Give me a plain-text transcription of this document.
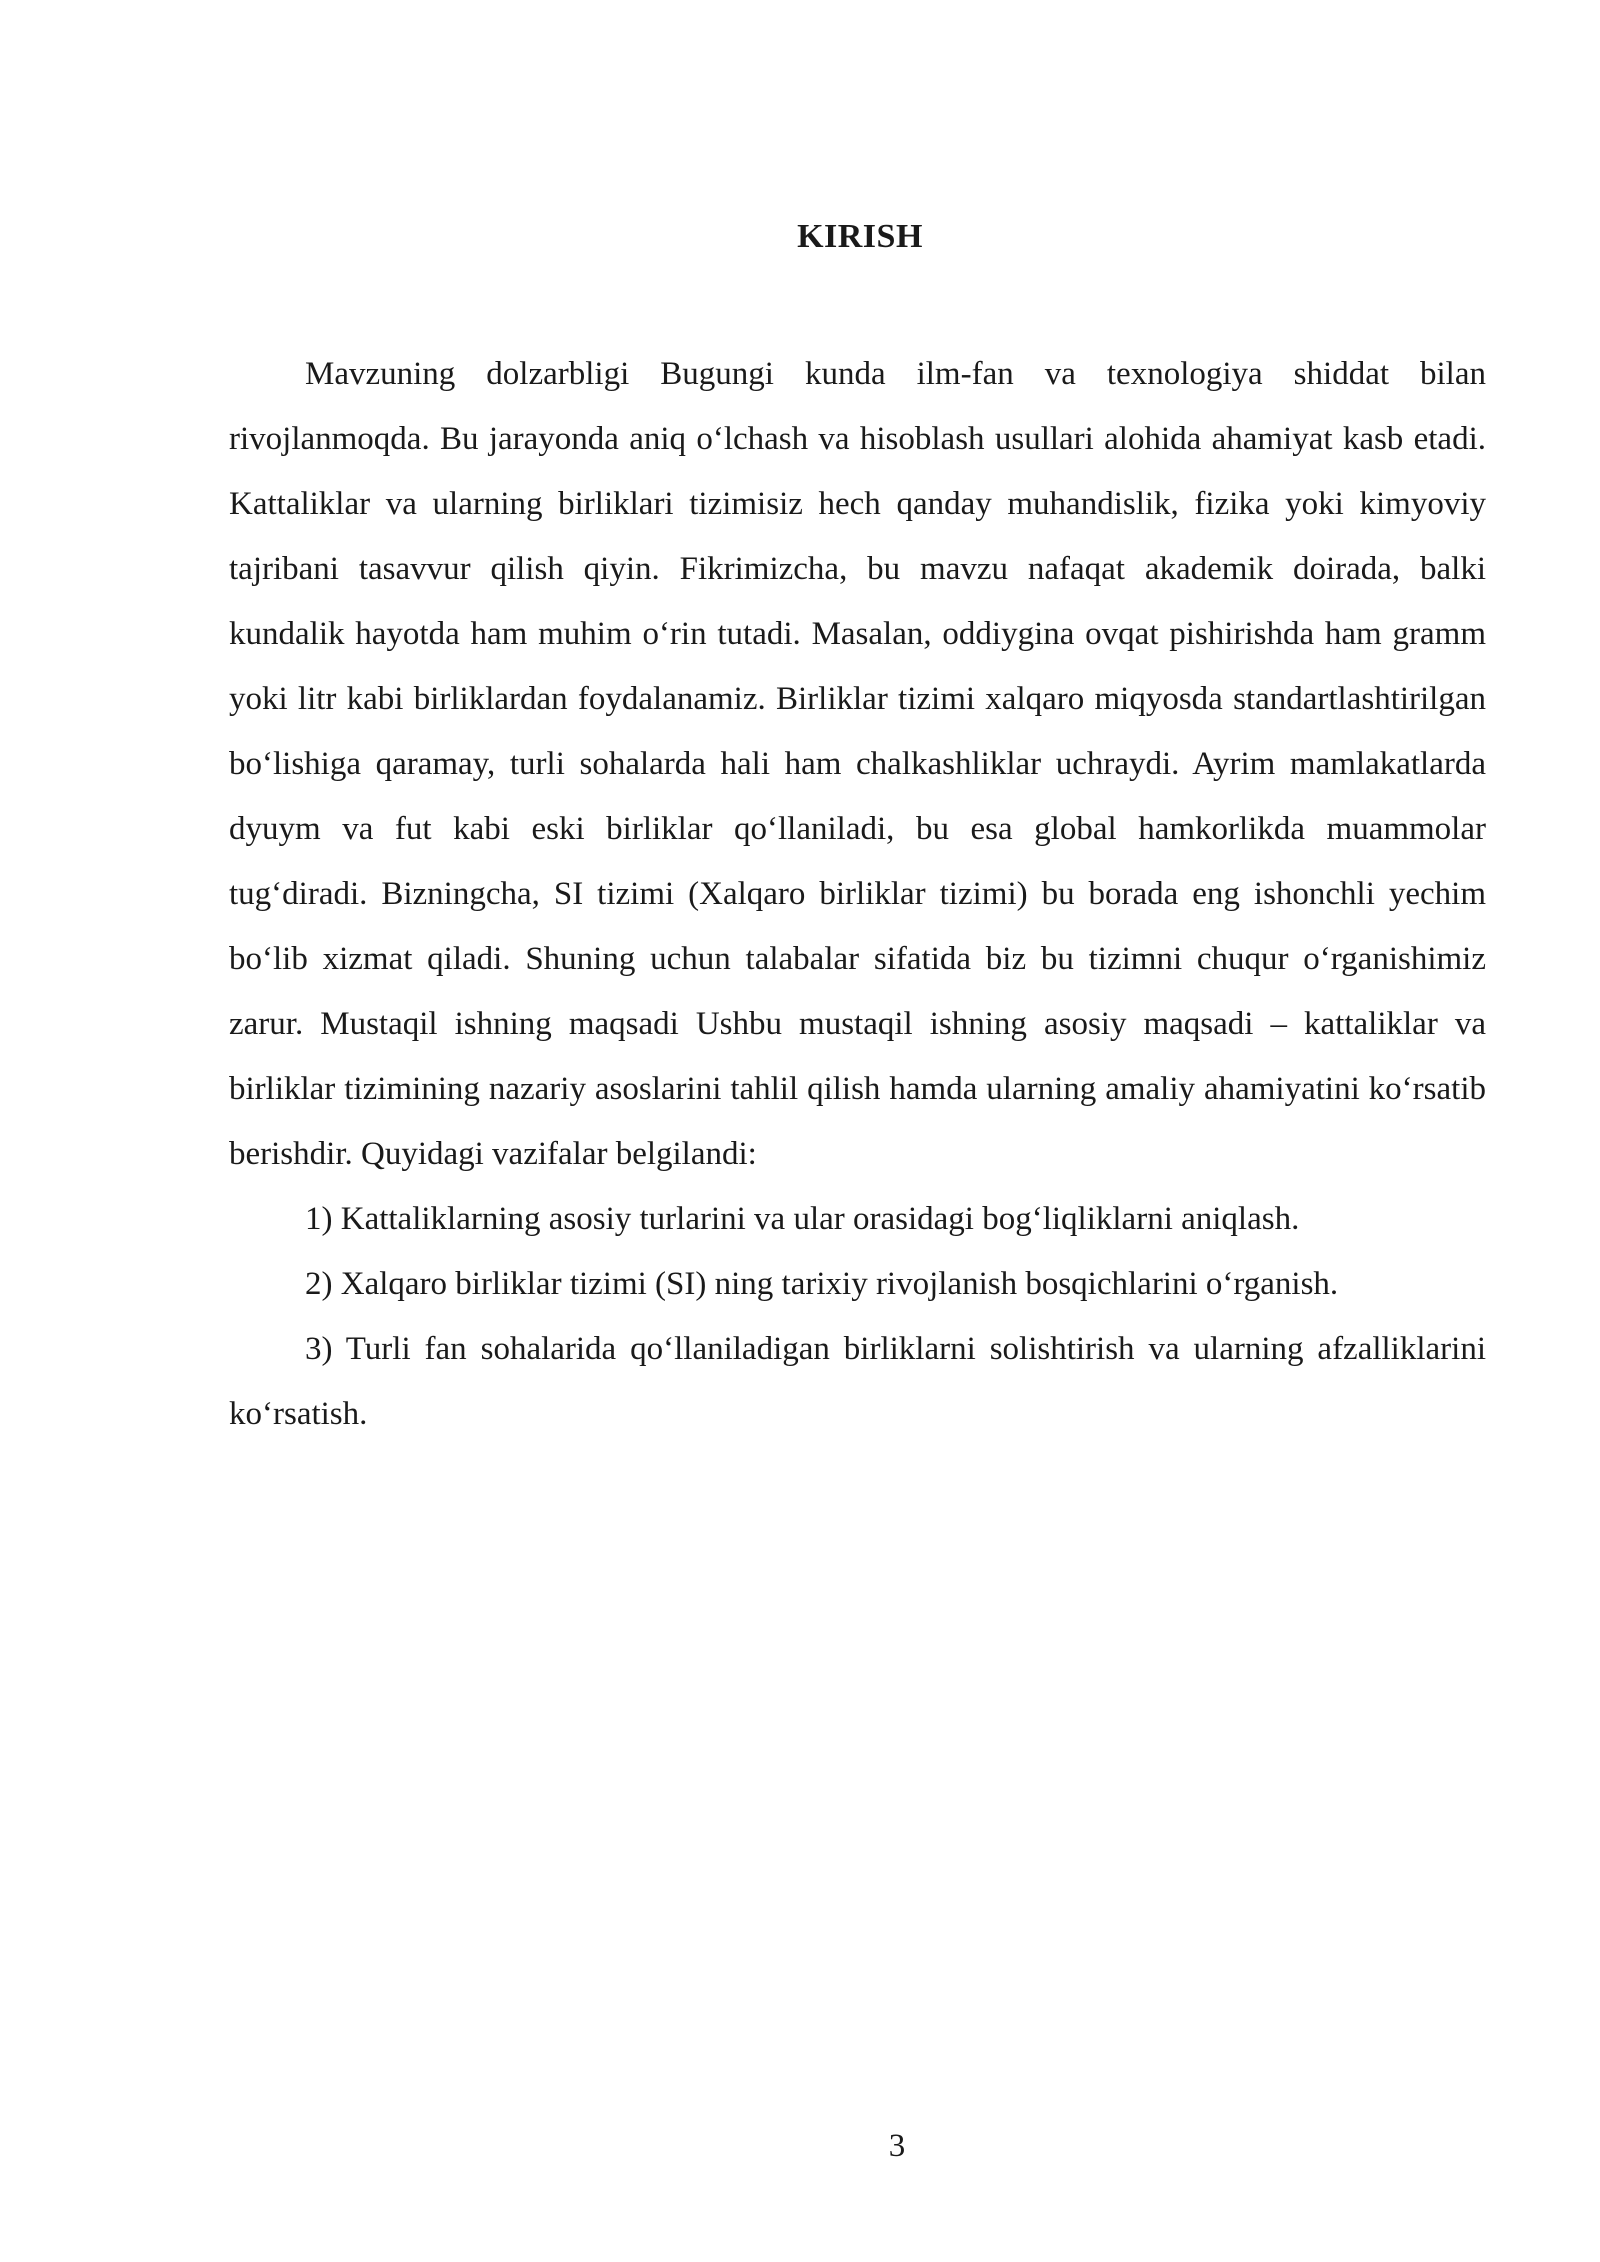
KIRISH

Mavzuning dolzarbligi Bugungi kunda ilm-fan va texnologiya shiddat bilan rivojlanmoqda. Bu jarayonda aniq o‘lchash va hisoblash usullari alohida ahamiyat kasb etadi. Kattaliklar va ularning birliklari tizimisiz hech qanday muhandislik, fizika yoki kimyoviy tajribani tasavvur qilish qiyin. Fikrimizcha, bu mavzu nafaqat akademik doirada, balki kundalik hayotda ham muhim o‘rin tutadi. Masalan, oddiygina ovqat pishirishda ham gramm yoki litr kabi birliklardan foydalanamiz. Birliklar tizimi xalqaro miqyosda standartlashtirilgan bo‘lishiga qaramay, turli sohalarda hali ham chalkashliklar uchraydi. Ayrim mamlakatlarda dyuym va fut kabi eski birliklar qo‘llaniladi, bu esa global hamkorlikda muammolar tug‘diradi. Bizningcha, SI tizimi (Xalqaro birliklar tizimi) bu borada eng ishonchli yechim bo‘lib xizmat qiladi. Shuning uchun talabalar sifatida biz bu tizimni chuqur o‘rganishimiz zarur. Mustaqil ishning maqsadi Ushbu mustaqil ishning asosiy maqsadi – kattaliklar va birliklar tizimining nazariy asoslarini tahlil qilish hamda ularning amaliy ahamiyatini ko‘rsatib berishdir. Quyidagi vazifalar belgilandi:

1) Kattaliklarning asosiy turlarini va ular orasidagi bog‘liqliklarni aniqlash.

2) Xalqaro birliklar tizimi (SI) ning tarixiy rivojlanish bosqichlarini o‘rganish.

3) Turli fan sohalarida qo‘llaniladigan birliklarni solishtirish va ularning afzalliklarini ko‘rsatish.

3
